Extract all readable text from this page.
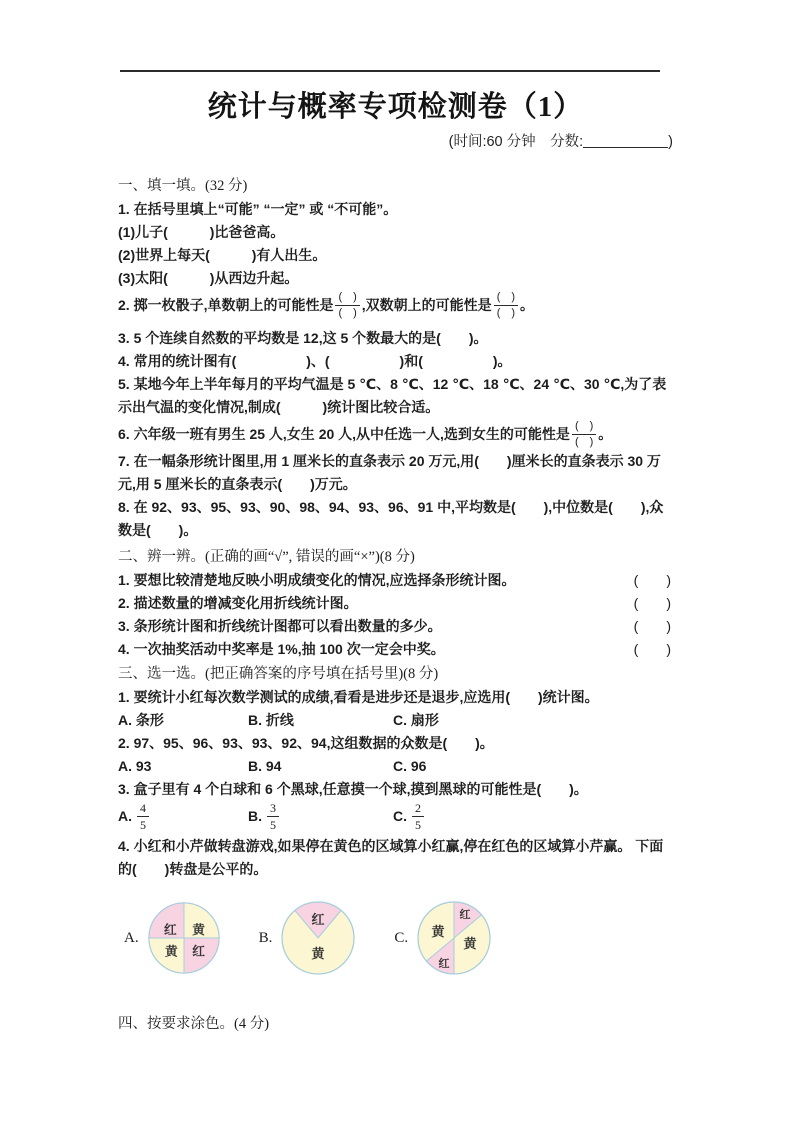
统计与概率专项检测卷（1）
(时间:60 分钟　分数:	)

一、填一填。(32 分)

1. 在括号里填上“可能” “一定” 或 “不可能”。

(1)儿子(　　　)比爸爸高。

(2)世界上每天(　　　)有人出生。

(3)太阳(　　　)从西边升起。

2. 掷一枚骰子,单数朝上的可能性是 $\frac{( )}{( )}$ ,双数朝上的可能性是 $\frac{( )}{( )}$ 。

3. 5 个连续自然数的平均数是 12,这 5 个数最大的是(　　)。

4. 常用的统计图有(　　　　　)、(　　　　　)和(　　　　　)。

5. 某地今年上半年每月的平均气温是 5 ℃、8 ℃、12 ℃、18 ℃、24 ℃、30 ℃,为了表示出气温的变化情况,制成(　　　)统计图比较合适。

6. 六年级一班有男生 25 人,女生 20 人,从中任选一人,选到女生的可能性是 $\frac{( )}{( )}$ 。

7. 在一幅条形统计图里,用 1 厘米长的直条表示 20 万元,用(　　)厘米长的直条表示 30 万元,用 5 厘米长的直条表示(　　)万元。

8. 在 92、93、95、93、90、98、94、93、96、91 中,平均数是(　　),中位数是(　　),众数是(　　)。

二、辨一辨。(正确的画“√”, 错误的画“×”)(8 分)

1. 要想比较清楚地反映小明成绩变化的情况,应选择条形统计图。	(　　)
2. 描述数量的增减变化用折线统计图。	(　　)
3. 条形统计图和折线统计图都可以看出数量的多少。	(　　)
4. 一次抽奖活动中奖率是 1%,抽 100 次一定会中奖。	(　　)

三、选一选。(把正确答案的序号填在括号里)(8 分)

1. 要统计小红每次数学测试的成绩,看看是进步还是退步,应选用(　　)统计图。

A. 条形	B. 折线	C. 扇形

2. 97、95、96、93、93、92、94,这组数据的众数是(　　)。

A. 93	B. 94	C. 96

3. 盒子里有 4 个白球和 6 个黑球,任意摸一个球,摸到黑球的可能性是(　　)。

A. $\frac{4}{5}$	B. $\frac{3}{5}$	C. $\frac{2}{5}$

4. 小红和小芹做转盘游戏,如果停在黄色的区域算小红赢,停在红色的区域算小芹赢。 下面的(　　)转盘是公平的。

A. 红 黄
黄 红
B.
红
黄
C.
红
黄
红
黄

四、按要求涂色。(4 分)
